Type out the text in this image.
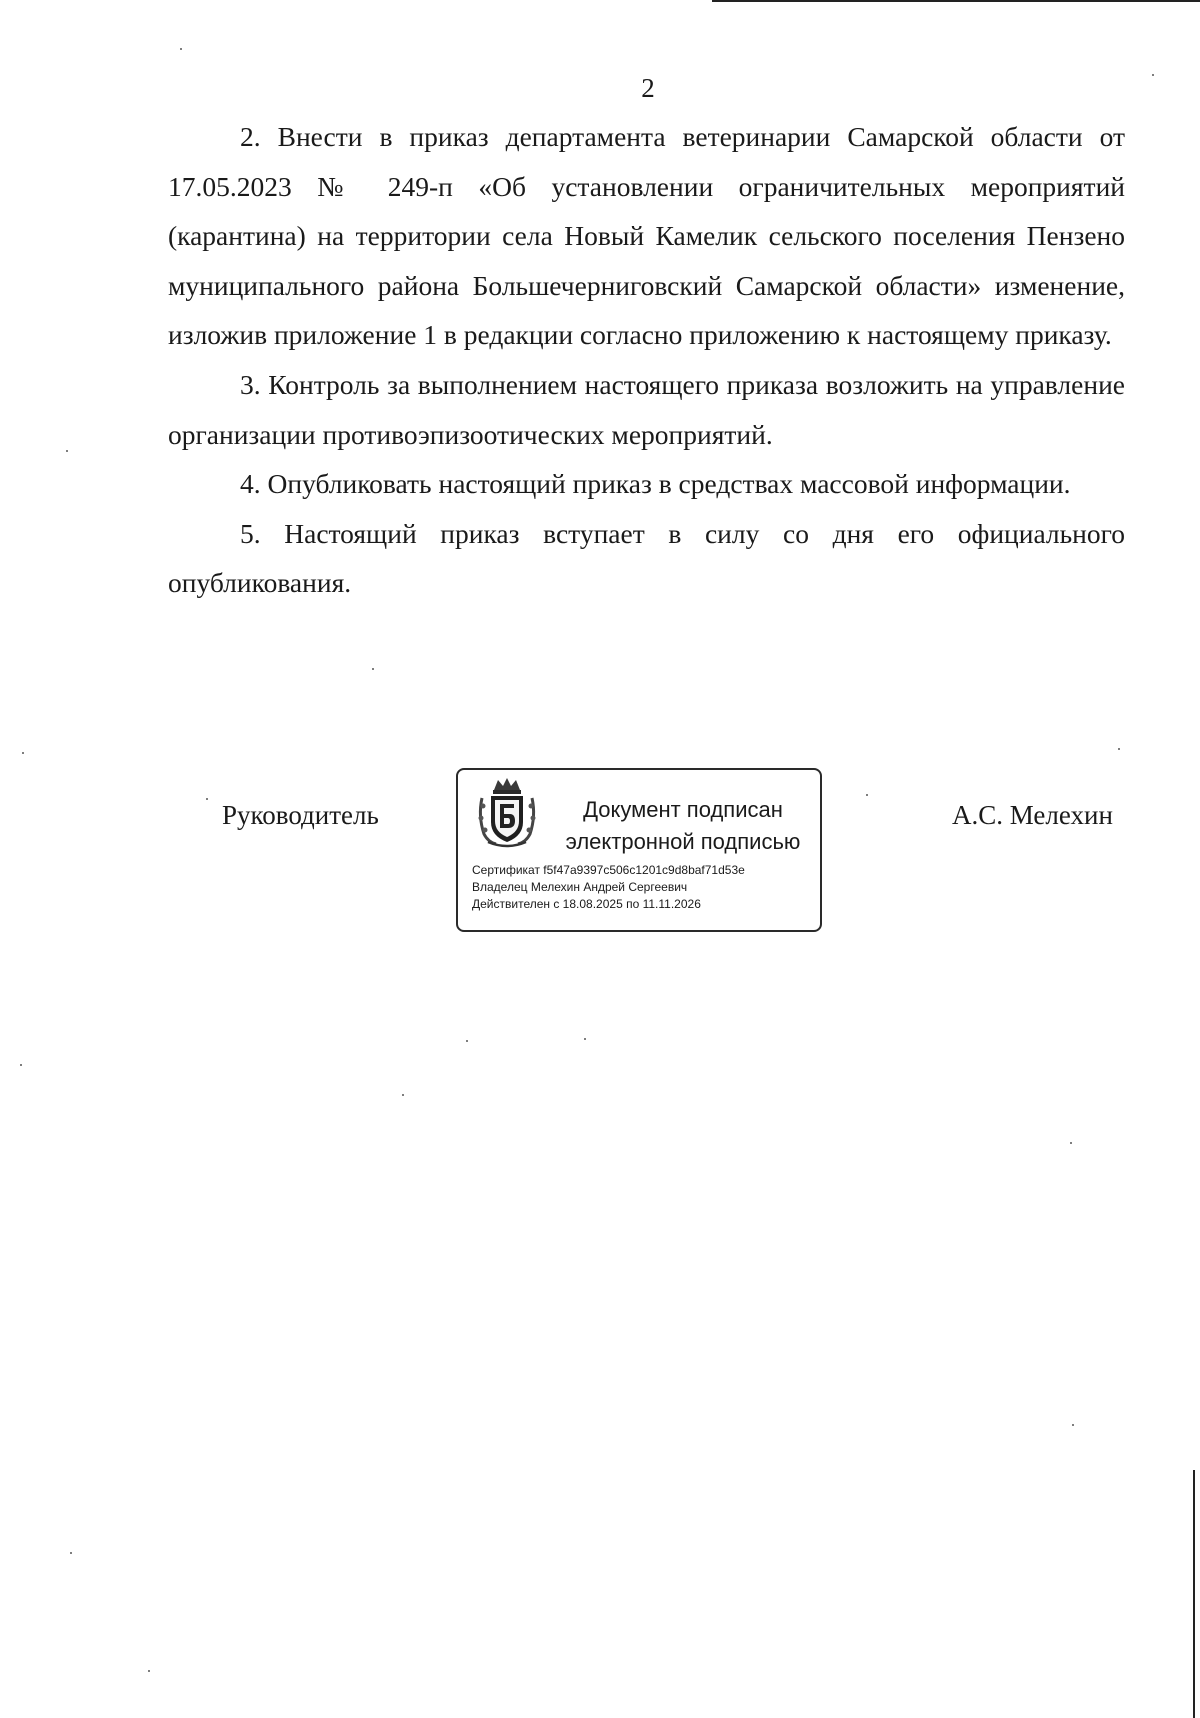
2

2. Внести в приказ департамента ветеринарии Самарской области от 17.05.2023 № 249-п «Об установлении ограничительных мероприятий (карантина) на территории села Новый Камелик сельского поселения Пензено муниципального района Большечерниговский Самарской области» изменение, изложив приложение 1 в редакции согласно приложению к настоящему приказу.

3. Контроль за выполнением настоящего приказа возложить на управление организации противоэпизоотических мероприятий.

4. Опубликовать настоящий приказ в средствах массовой информации.

5. Настоящий приказ вступает в силу со дня его официального опубликования.

Руководитель	А.С. Мелехин
Документ подписан
электронной подписью
Сертификат f5f47a9397c506c1201c9d8baf71d53e
Владелец Мелехин Андрей Сергеевич
Действителен с 18.08.2025 по 11.11.2026
